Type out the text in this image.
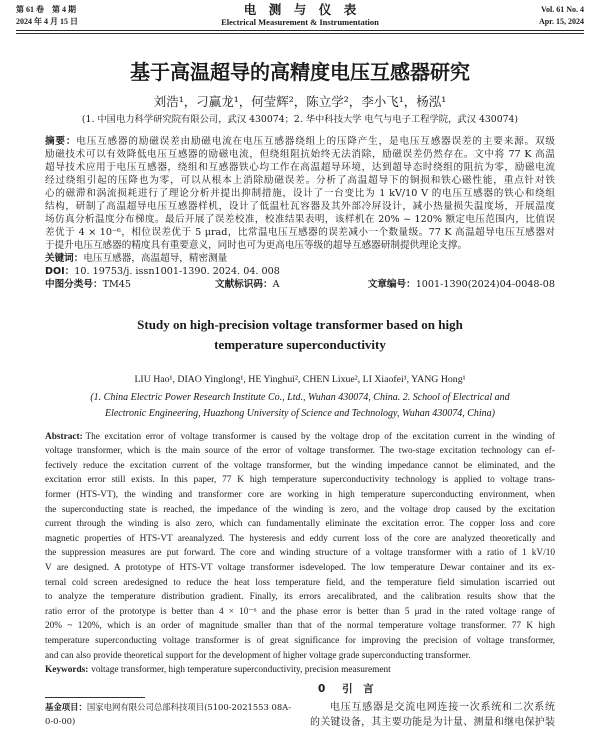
第 61 卷　第 4 期
2024 年 4 月 15 日
电　测　与　仪　表
Electrical Measurement & Instrumentation
Vol. 61 No. 4
Apr. 15, 2024
基于高温超导的高精度电压互感器研究
刘浩¹，刁赢龙¹，何莹辉²，陈立学²，李小飞¹，杨泓¹
(1. 中国电力科学研究院有限公司，武汉 430074；2. 华中科技大学 电气与电子工程学院，武汉 430074)
摘要：电压互感器的励磁误差由励磁电流在电压互感器绕组上的压降产生，是电压互感器误差的主要来源。双级
励磁技术可以有效降低电压互感器的励磁电流，但绕组阻抗始终无法消除，励磁误差仍然存在。文中将 77 K 高温
超导技术应用于电压互感器，绕组和互感器铁心均工作在高温超导环境，达到超导态时绕组的阻抗为零，励磁电流
经过绕组引起的压降也为零，可以从根本上消除励磁误差。分析了高温超导下的铜损和铁心磁性能，重点针对铁
心的磁滞和涡流损耗进行了理论分析并提出抑制措施，设计了一台变比为 1 kV/10 V 的电压互感器的铁心和绕组
结构，研制了高温超导电压互感器样机，设计了低温杜瓦容器及其外部冷屏设计，减小热量损失温度场，开展温度
场仿真分析温度分布梯度。最后开展了误差校准，校准结果表明，该样机在 20% ~ 120% 额定电压范围内，比值误
差优于 4 × 10⁻⁶，相位误差优于 5 μrad，比常温电压互感器的误差减小一个数量级。77 K 高温超导电压互感器对
于提升电压互感器的精度具有重要意义，同时也可为更高电压等级的超导互感器研制提供理论支撑。
关键词：电压互感器，高温超导，精密测量
DOI：10. 19753/j. issn1001-1390. 2024. 04. 008
中图分类号：TM45	文献标识码：A	文章编号：1001-1390(2024)04-0048-08
Study on high-precision voltage transformer based on high
temperature superconductivity
LIU Hao¹, DIAO Yinglong¹, HE Yinghui², CHEN Lixue², LI Xiaofei¹, YANG Hong¹
(1. China Electric Power Research Institute Co., Ltd., Wuhan 430074, China. 2. School of Electrical and
Electronic Engineering, Huazhong University of Science and Technology, Wuhan 430074, China)
Abstract: The excitation error of voltage transformer is caused by the voltage drop of the excitation current in the winding of
voltage transformer, which is the main source of the error of voltage transformer. The two-stage excitation technology can ef-
fectively reduce the excitation current of the voltage transformer, but the winding impedance cannot be eliminated, and the
excitation error still exists. In this paper, 77 K high temperature superconductivity technology is applied to voltage trans-
former (HTS-VT), the winding and transformer core are working in high temperature superconducting environment, when
the superconducting state is reached, the impedance of the winding is zero, and the voltage drop caused by the excitation
current through the winding is also zero, which can fundamentally eliminate the excitation error. The copper loss and core
magnetic properties of HTS-VT areanalyzed. The hysteresis and eddy current loss of the core are analyzed theoretically and
the suppression measures are put forward. The core and winding structure of a voltage transformer with a ratio of 1 kV/10
V are designed. A prototype of HTS-VT voltage transformer isdeveloped. The low temperature Dewar container and its ex-
ternal cold screen aredesigned to reduce the heat loss temperature field, and the temperature field simulation iscarried out
to analyze the temperature distribution gradient. Finally, its errors arecalibrated, and the calibration results show that the
ratio error of the prototype is better than 4 × 10⁻⁶ and the phase error is better than 5 μrad in the rated voltage range of
20% ~ 120%, which is an order of magnitude smaller than that of the normal temperature voltage transformer. 77 K high
temperature superconducting voltage transformer is of great significance for improving the precision of voltage transformer,
and can also provide theoretical support for the development of higher voltage grade superconducting transformer.
Keywords: voltage transformer, high temperature superconductivity, precision measurement
基金项目：国家电网有限公司总部科技项目(5100-2021553 08A-
0-0-00)
0 引　言
电压互感器是交流电网连接一次系统和二次系统
的关键设备，其主要功能是为计量、测量和继电保护装
